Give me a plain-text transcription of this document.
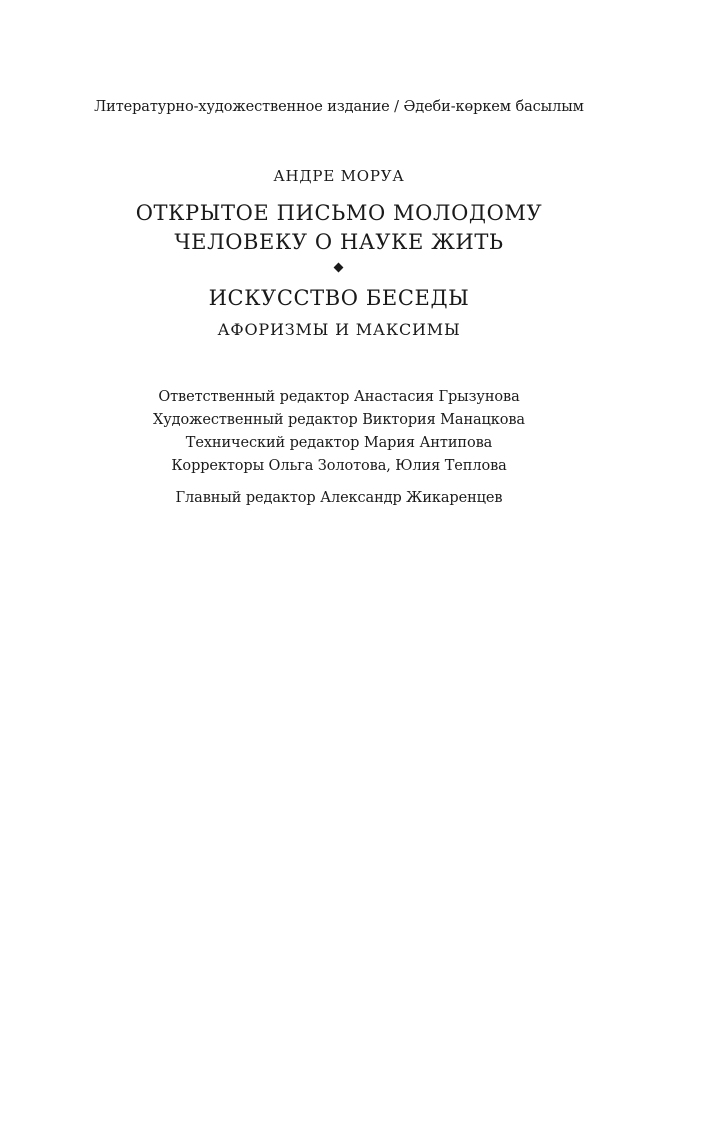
Литературно-художественное издание / Әдеби-көркем басылым
АНДРЕ МОРУА
ОТКРЫТОЕ ПИСЬМО МОЛОДОМУ
ЧЕЛОВЕКУ О НАУКЕ ЖИТЬ
ИСКУССТВО БЕСЕДЫ
АФОРИЗМЫ И МАКСИМЫ
Ответственный редактор Анастасия Грызунова
Художественный редактор Виктория Манацкова
Технический редактор Мария Антипова
Корректоры Ольга Золотова, Юлия Теплова
Главный редактор Александр Жикаренцев
